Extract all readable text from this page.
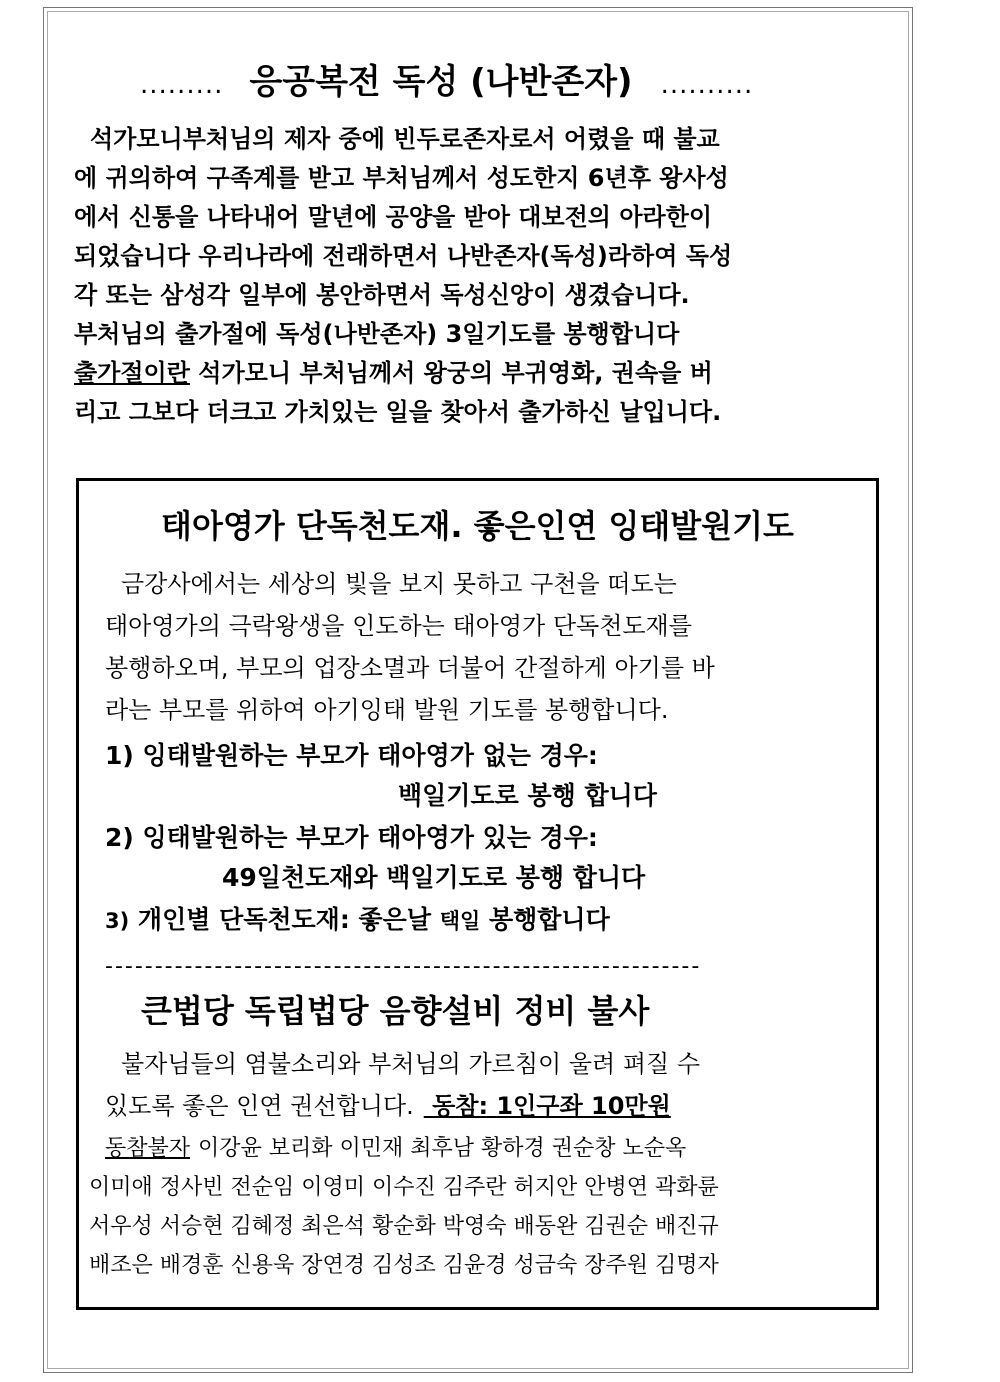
......... 응공복전 독성 (나반존자) ..........

석가모니부처님의 제자 중에 빈두로존자로서 어렸을 때 불교

에 귀의하여 구족계를 받고 부처님께서 성도한지 6년후 왕사성

에서 신통을 나타내어 말년에 공양을 받아 대보전의 아라한이

되었습니다 우리나라에 전래하면서 나반존자(독성)라하여 독성

각 또는 삼성각 일부에 봉안하면서 독성신앙이 생겼습니다.

부처님의 출가절에 독성(나반존자) 3일기도를 봉행합니다

출가절이란 석가모니 부처님께서 왕궁의 부귀영화, 권속을 버

리고 그보다 더크고 가치있는 일을 찾아서 출가하신 날입니다.

태아영가 단독천도재. 좋은인연 잉태발원기도

금강사에서는 세상의 빛을 보지 못하고 구천을 떠도는

태아영가의 극락왕생을 인도하는 태아영가 단독천도재를

봉행하오며, 부모의 업장소멸과 더불어 간절하게 아기를 바

라는 부모를 위하여 아기잉태 발원 기도를 봉행합니다.

1) 잉태발원하는 부모가 태아영가 없는 경우:
백일기도로 봉행 합니다
2) 잉태발원하는 부모가 태아영가 있는 경우:
49일천도재와 백일기도로 봉행 합니다
3) 개인별 단독천도재: 좋은날 택일 봉행합니다
------------------------------------------------------------
큰법당 독립법당 음향설비 정비 불사

불자님들의 염불소리와 부처님의 가르침이 울려 펴질 수

있도록 좋은 인연 권선합니다. 동참: 1인구좌 10만원

동참불자 이강윤 보리화 이민재 최후남 황하경 권순창 노순옥

이미애 정사빈 전순임 이영미 이수진 김주란 허지안 안병연 곽화륜

서우성 서승현 김혜정 최은석 황순화 박영숙 배동완 김권순 배진규

배조은 배경훈 신용욱 장연경 김성조 김윤경 성금숙 장주원 김명자
